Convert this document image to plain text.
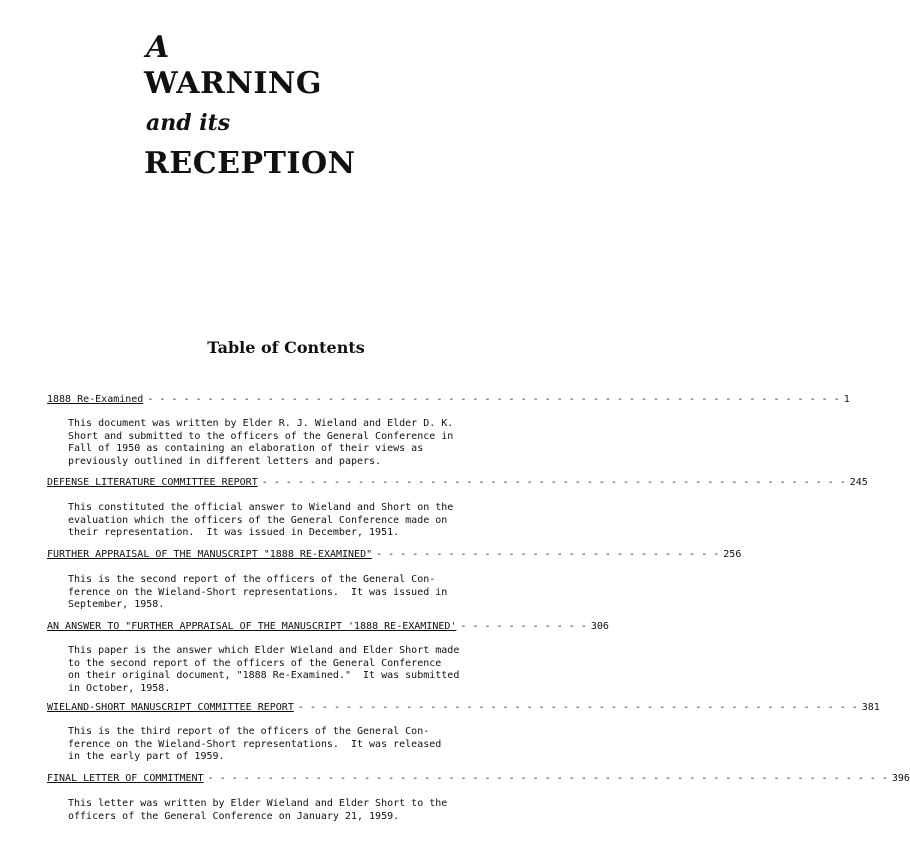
A
WARNING
and its
RECEPTION
Table of Contents
1888 Re-Examined - - - - - - - - - - - - - - - - - - - - - - - - - - - - - - - - - - - - - - - - - - - - - - - - - - - - - - - - - - 1
This document was written by Elder R. J. Wieland and Elder D. K.
Short and submitted to the officers of the General Conference in
Fall of 1950 as containing an elaboration of their views as
previously outlined in different letters and papers.
DEFENSE LITERATURE COMMITTEE REPORT - - - - - - - - - - - - - - - - - - - - - - - - - - - - - - - - - - - - - - - - - - - - - - - - - 245
This constituted the official answer to Wieland and Short on the
evaluation which the officers of the General Conference made on
their representation.  It was issued in December, 1951.
FURTHER APPRAISAL OF THE MANUSCRIPT "1888 RE-EXAMINED" - - - - - - - - - - - - - - - - - - - - - - - - - - - - - 256
This is the second report of the officers of the General Con-
ference on the Wieland-Short representations.  It was issued in
September, 1958.
AN ANSWER TO "FURTHER APPRAISAL OF THE MANUSCRIPT '1888 RE-EXAMINED' - - - - - - - - - - - 306
This paper is the answer which Elder Wieland and Elder Short made
to the second report of the officers of the General Conference
on their original document, "1888 Re-Examined."  It was submitted
in October, 1958.
WIELAND-SHORT MANUSCRIPT COMMITTEE REPORT - - - - - - - - - - - - - - - - - - - - - - - - - - - - - - - - - - - - - - - - - - - - - - - 381
This is the third report of the officers of the General Con-
ference on the Wieland-Short representations.  It was released
in the early part of 1959.
FINAL LETTER OF COMMITMENT - - - - - - - - - - - - - - - - - - - - - - - - - - - - - - - - - - - - - - - - - - - - - - - - - - - - - - - - - 396
This letter was written by Elder Wieland and Elder Short to the
officers of the General Conference on January 21, 1959.
